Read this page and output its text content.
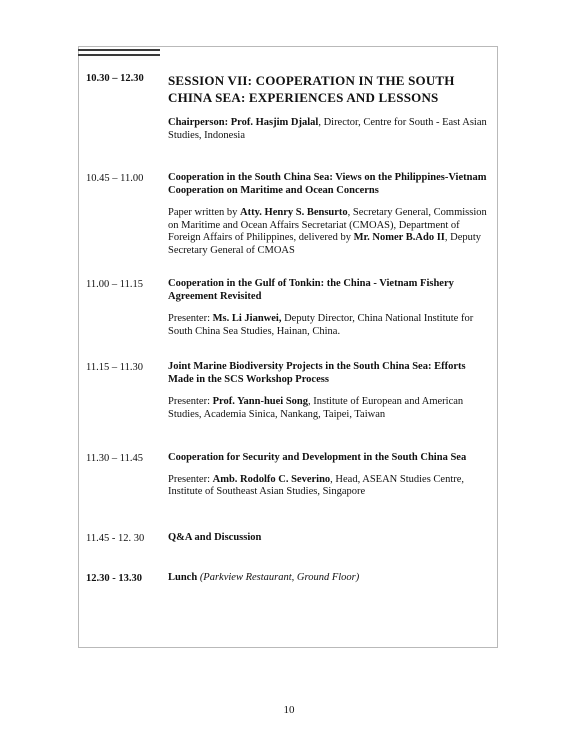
10.30 – 12.30 SESSION VII: COOPERATION IN THE SOUTH CHINA SEA: EXPERIENCES AND LESSONS
Chairperson: Prof. Hasjim Djalal, Director, Centre for South - East Asian Studies, Indonesia
10.45 – 11.00 Cooperation in the South China Sea: Views on the Philippines-Vietnam Cooperation on Maritime and Ocean Concerns
Paper written by Atty. Henry S. Bensurto, Secretary General, Commission on Maritime and Ocean Affairs Secretariat (CMOAS), Department of Foreign Affairs of Philippines, delivered by Mr. Nomer B.Ado II, Deputy Secretary General of CMOAS
11.00 – 11.15 Cooperation in the Gulf of Tonkin: the China - Vietnam Fishery Agreement Revisited
Presenter: Ms. Li Jianwei, Deputy Director, China National Institute for South China Sea Studies, Hainan, China.
11.15 – 11.30 Joint Marine Biodiversity Projects in the South China Sea: Efforts Made in the SCS Workshop Process
Presenter: Prof. Yann-huei Song, Institute of European and American Studies, Academia Sinica, Nankang, Taipei, Taiwan
11.30 – 11.45 Cooperation for Security and Development in the South China Sea
Presenter: Amb. Rodolfo C. Severino, Head, ASEAN Studies Centre, Institute of Southeast Asian Studies, Singapore
11.45 - 12. 30 Q&A and Discussion
12.30 - 13.30 Lunch (Parkview Restaurant, Ground Floor)
10
